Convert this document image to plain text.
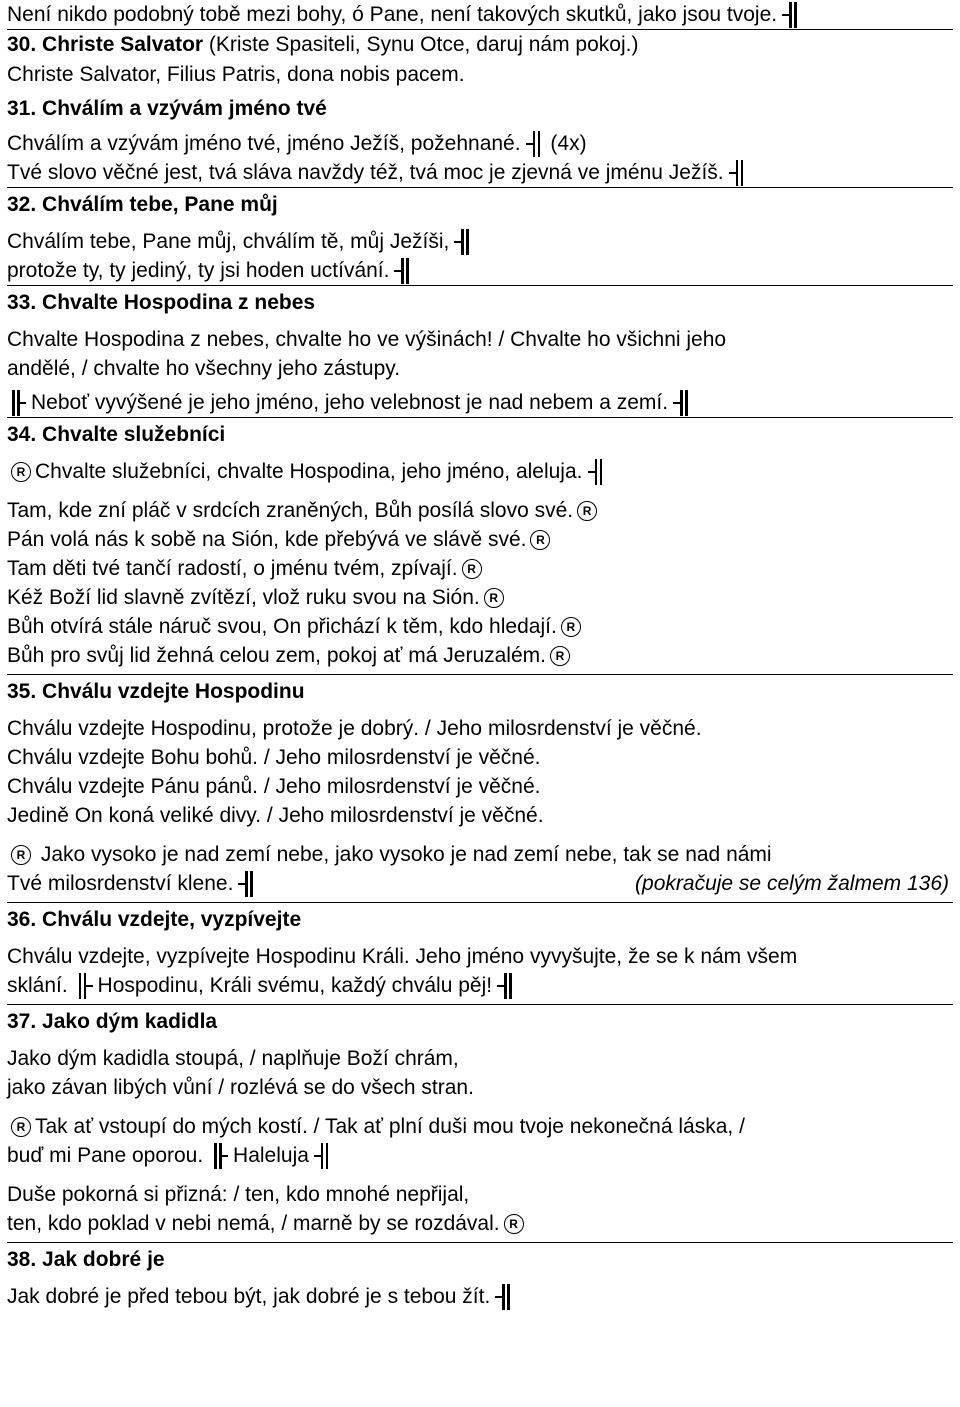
Není nikdo podobný tobě mezi bohy, ó Pane, není takových skutků, jako jsou tvoje.
30. Christe Salvator (Kriste Spasiteli, Synu Otce, daruj nám pokoj.)
Christe Salvator, Filius Patris, dona nobis pacem.
31. Chválím a vzývám jméno tvé
Chválím a vzývám jméno tvé, jméno Ježíš, požehnané. (4x)
Tvé slovo věčné jest, tvá sláva navždy též, tvá moc je zjevná ve jménu Ježíš.
32. Chválím tebe, Pane můj
Chválím tebe, Pane můj, chválím tě, můj Ježíši,
protože ty, ty jediný, ty jsi hoden uctívání.
33. Chvalte Hospodina z nebes
Chvalte Hospodina z nebes, chvalte ho ve výšinách! / Chvalte ho všichni jeho
andělé, / chvalte ho všechny jeho zástupy.
Neboť vyvýšené je jeho jméno, jeho velebnost je nad nebem a zemí.
34. Chvalte služebníci
R Chvalte služebníci, chvalte Hospodina, jeho jméno, aleluja.
Tam, kde zní pláč v srdcích zraněných, Bůh posílá slovo své. R
Pán volá nás k sobě na Sión, kde přebývá ve slávě své. R
Tam děti tvé tančí radostí, o jménu tvém, zpívají. R
Kéž Boží lid slavně zvítězí, vlož ruku svou na Sión. R
Bůh otvírá stále náruč svou, On přichází k těm, kdo hledají. R
Bůh pro svůj lid žehná celou zem, pokoj ať má Jeruzalém. R
35. Chválu vzdejte Hospodinu
Chválu vzdejte Hospodinu, protože je dobrý. / Jeho milosrdenství je věčné.
Chválu vzdejte Bohu bohů. / Jeho milosrdenství je věčné.
Chválu vzdejte Pánu pánů. / Jeho milosrdenství je věčné.
Jedině On koná veliké divy. / Jeho milosrdenství je věčné.
R Jako vysoko je nad zemí nebe, jako vysoko je nad zemí nebe, tak se nad námi
Tvé milosrdenství klene.	(pokračuje se celým žalmem 136)
36. Chválu vzdejte, vyzpívejte
Chválu vzdejte, vyzpívejte Hospodinu Králi. Jeho jméno vyvyšujte, že se k nám všem
sklání. Hospodinu, Králi svému, každý chválu pěj!
37. Jako dým kadidla
Jako dým kadidla stoupá, / naplňuje Boží chrám,
jako závan libých vůní / rozlévá se do všech stran.
R Tak ať vstoupí do mých kostí. / Tak ať plní duši mou tvoje nekonečná láska, /
buď mi Pane oporou. Haleluja
Duše pokorná si přizná: / ten, kdo mnohé nepřijal,
ten, kdo poklad v nebi nemá, / marně by se rozdával. R
38. Jak dobré je
Jak dobré je před tebou být, jak dobré je s tebou žít.
